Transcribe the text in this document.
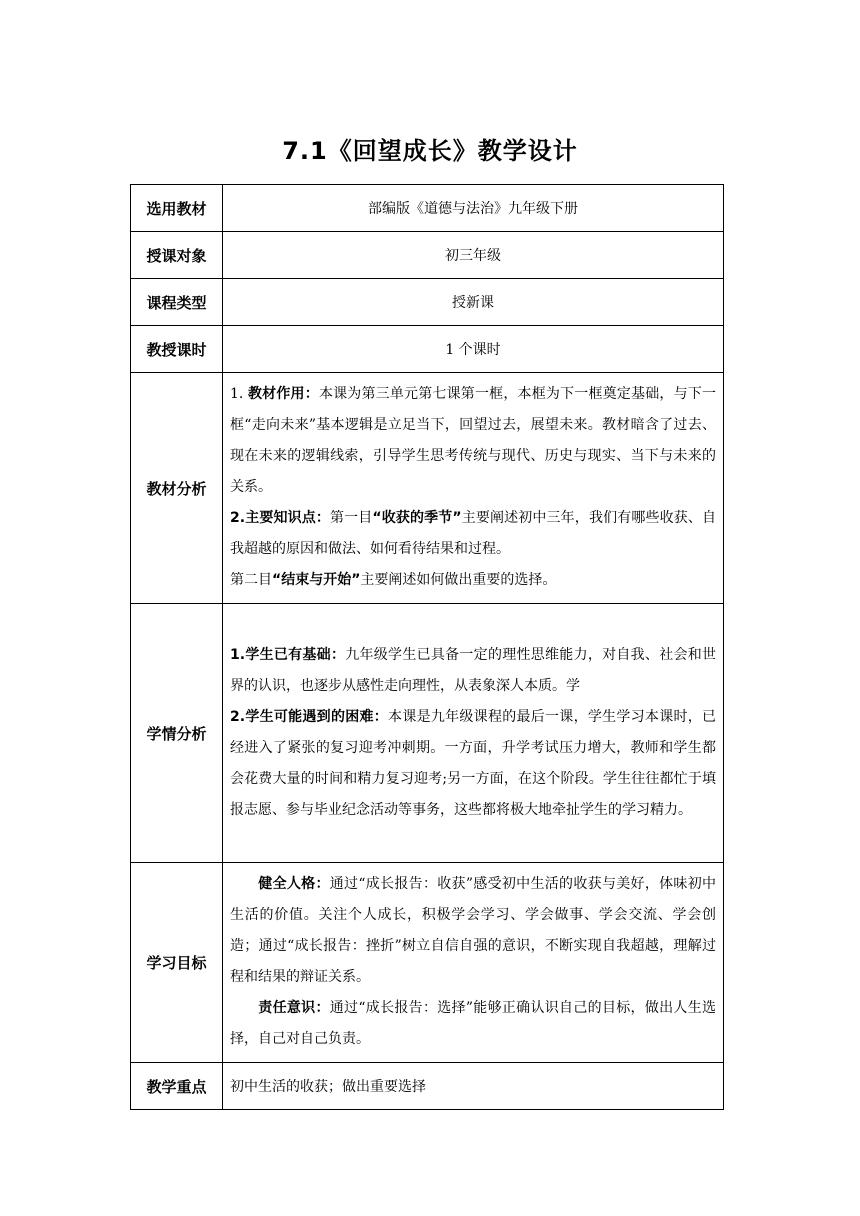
7.1《回望成长》教学设计
选用教材	部编版《道德与法治》九年级下册
授课对象	初三年级
课程类型	授新课
教授课时	1 个课时
教材分析	1. 教材作用：本课为第三单元第七课第一框，本框为下一框奠定基础，与下一框“走向未来”基本逻辑是立足当下，回望过去，展望未来。教材暗含了过去、现在未来的逻辑线索，引导学生思考传统与现代、历史与现实、当下与未来的关系。
2.主要知识点：第一目“收获的季节”主要阐述初中三年，我们有哪些收获、自我超越的原因和做法、如何看待结果和过程。
第二目“结束与开始”主要阐述如何做出重要的选择。

学情分析	1.学生已有基础：九年级学生已具备一定的理性思维能力，对自我、社会和世界的认识，也逐步从感性走向理性，从表象深人本质。学
2.学生可能遇到的困难：本课是九年级课程的最后一课，学生学习本课时，已经进入了紧张的复习迎考冲刺期。一方面，升学考试压力增大，教师和学生都会花费大量的时间和精力复习迎考;另一方面，在这个阶段。学生往往都忙于填报志愿、参与毕业纪念活动等事务，这些都将极大地牵扯学生的学习精力。

学习目标	健全人格：通过“成长报告：收获”感受初中生活的收获与美好，体味初中生活的价值。关注个人成长，积极学会学习、学会做事、学会交流、学会创造；通过“成长报告：挫折”树立自信自强的意识，不断实现自我超越，理解过程和结果的辩证关系。
责任意识：通过“成长报告：选择”能够正确认识自己的目标，做出人生选择，自己对自己负责。

教学重点	初中生活的收获；做出重要选择
